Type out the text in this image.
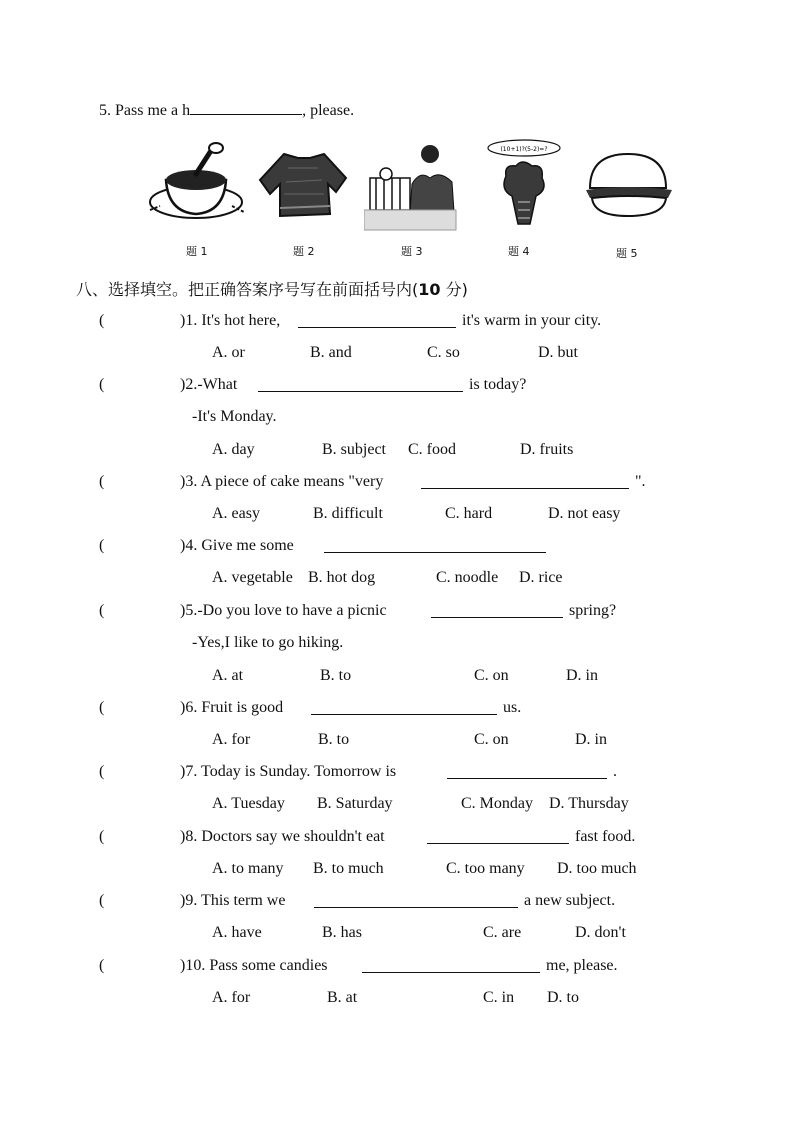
5. Pass me a h	, please.
(10+1)?(5-2)=?
题 1	题 2	题 3	题 4	题 5
八、选择填空。把正确答案序号写在前面括号内(10 分)
(	)1. It's hot here,	it's warm in your city.
A. or	B. and	C. so	D. but
(	)2.-What	is today?
-It's Monday.
A. day	B. subject C. food	D. fruits
(	)3. A piece of cake means "very	".
A. easy	B. difficult	C. hard	D. not easy
(	)4. Give me some
A. vegetable B. hot dog	C. noodle D. rice
(	)5.-Do you love to have a picnic	spring?
-Yes,I like to go hiking.
A. at	B. to	C. on	D. in
(	)6. Fruit is good	us.
A. for	B. to	C. on	D. in
(	)7. Today is Sunday. Tomorrow is	.
A. Tuesday B. Saturday	C. Monday D. Thursday
(	)8. Doctors say we shouldn't eat	fast food.
A. to many B. to much	C. too many D. too much
(	)9. This term we	a new subject.
A. have	B. has	C. are	D. don't
(	)10. Pass some candies	me, please.
A. for	B. at	C. in D. to
